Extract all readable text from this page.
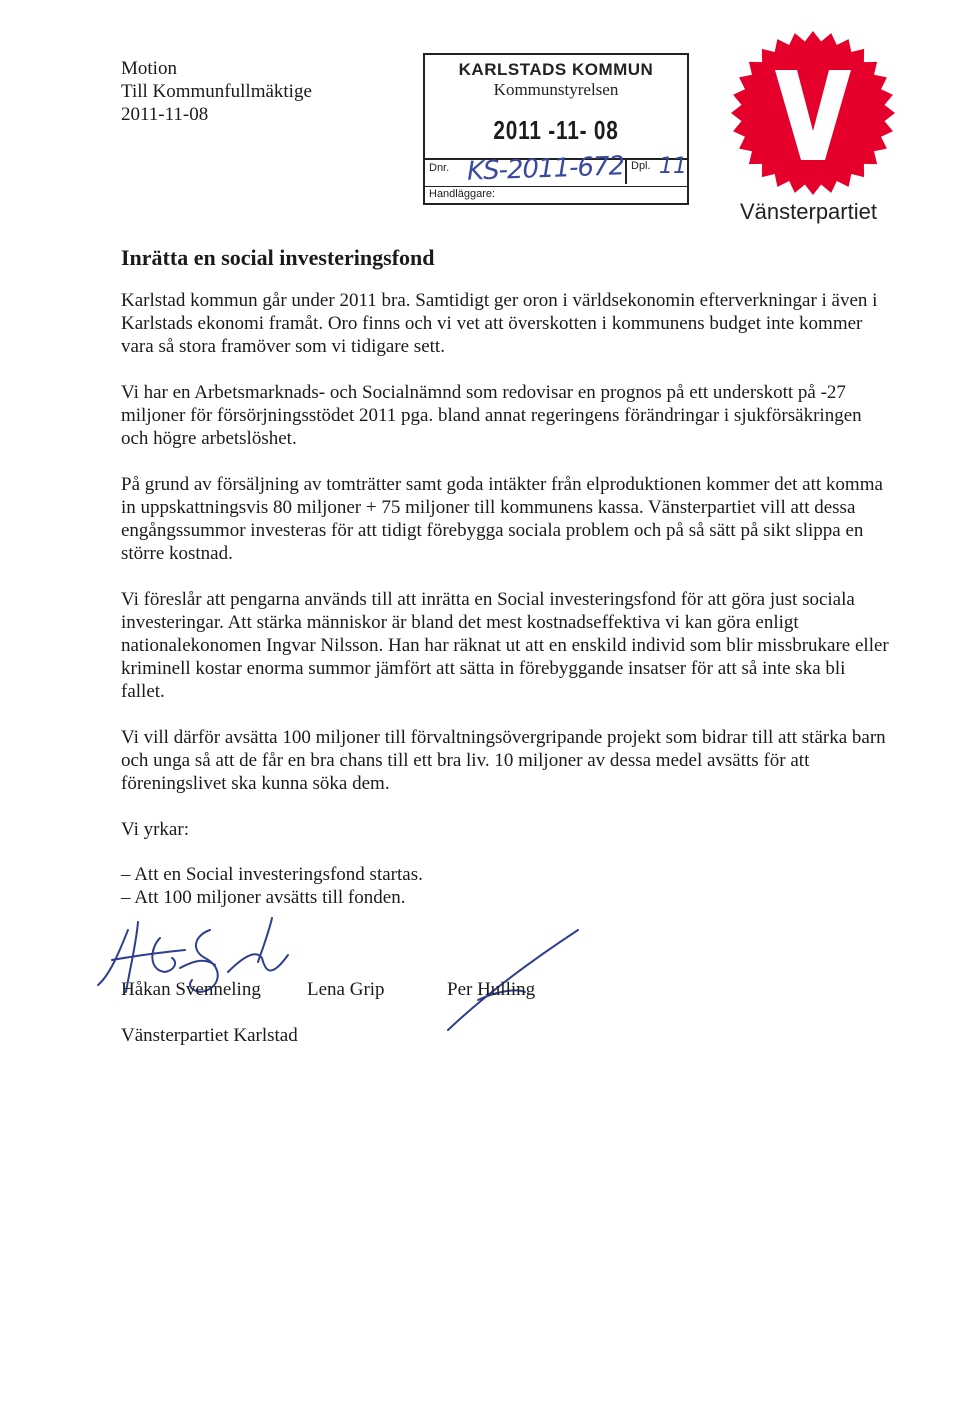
Motion
Till Kommunfullmäktige
2011-11-08
KARLSTADS KOMMUN
Kommunstyrelsen
2011 -11- 08
Dnr. KS-2011-672 Dpl. 11
Handläggare:
Vänsterpartiet
Inrätta en social investeringsfond

Karlstad kommun går under 2011 bra. Samtidigt ger oron i världsekonomin efterverkningar i även i Karlstads ekonomi framåt. Oro finns och vi vet att överskotten i kommunens budget inte kommer vara så stora framöver som vi tidigare sett.

Vi har en Arbetsmarknads- och Socialnämnd som redovisar en prognos på ett underskott på -27 miljoner för försörjningsstödet 2011 pga. bland annat regeringens förändringar i sjukförsäkringen och högre arbetslöshet.

På grund av försäljning av tomträtter samt goda intäkter från elproduktionen kommer det att komma in uppskattningsvis 80 miljoner + 75 miljoner till kommunens kassa. Vänsterpartiet vill att dessa engångssummor investeras för att tidigt förebygga sociala problem och på så sätt på sikt slippa en större kostnad.

Vi föreslår att pengarna används till att inrätta en Social investeringsfond för att göra just sociala investeringar. Att stärka människor är bland det mest kostnadseffektiva vi kan göra enligt nationalekonomen Ingvar Nilsson. Han har räknat ut att en enskild individ som blir missbrukare eller kriminell kostar enorma summor jämfört att sätta in förebyggande insatser för att så inte ska bli fallet.

Vi vill därför avsätta 100 miljoner till förvaltningsövergripande projekt som bidrar till att stärka barn och unga så att de får en bra chans till ett bra liv. 10 miljoner av dessa medel avsätts för att föreningslivet ska kunna söka dem.

Vi yrkar:

– Att en Social investeringsfond startas.
– Att 100 miljoner avsätts till fonden.
Håkan Svenneling Lena Grip	Per Hulling
Vänsterpartiet Karlstad
